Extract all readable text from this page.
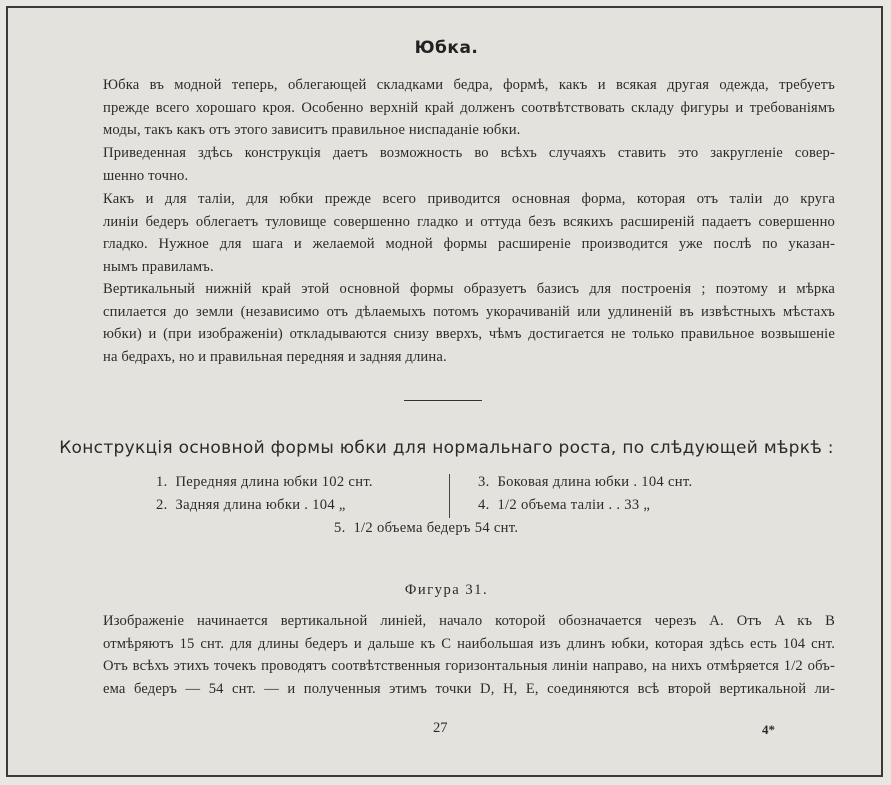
Юбка.
Юбка въ модной теперь, облегающей складками бедра, формѣ, какъ и всякая другая одежда, требуетъ
прежде всего хорошаго кроя. Особенно верхній край долженъ соотвѣтствовать складу фигуры и требованіямъ
моды, такъ какъ отъ этого зависитъ правильное ниспаданіе юбки.
Приведенная здѣсь конструкція даетъ возможность во всѣхъ случаяхъ ставить это закругленіе совер-
шенно точно.
Какъ и для таліи, для юбки прежде всего приводится основная форма, которая отъ таліи до круга
линіи бедеръ облегаетъ туловище совершенно гладко и оттуда безъ всякихъ расширеній падаетъ совершенно
гладко. Нужное для шага и желаемой модной формы расширеніе производится уже послѣ по указан-
нымъ правиламъ.
Вертикальный нижній край этой основной формы образуетъ базисъ для построенія ; поэтому и мѣрка
спилается до земли (независимо отъ дѣлаемыхъ потомъ укорачиваній или удлиненій въ извѣстныхъ мѣстахъ
юбки) и (при изображеніи) откладываются снизу вверхъ, чѣмъ достигается не только правильное возвышеніе
на бедрахъ, но и правильная передняя и задняя длина.
Конструкція основной формы юбки для нормальнаго роста, по слѣдующей мѣркѣ :
1. Передняя длина юбки 102 снт.
2. Задняя длина юбки . 104 „
3. Боковая длина юбки . 104 снт.
4. 1/2 объема таліи . . 33 „
5. 1/2 объема бедеръ 54 снт.
Фигура 31.
Изображеніе начинается вертикальной линіей, начало которой обозначается черезъ A. Отъ A къ B
отмѣряютъ 15 снт. для длины бедеръ и дальше къ C наибольшая изъ длинъ юбки, которая здѣсь есть 104 снт.
Отъ всѣхъ этихъ точекъ проводятъ соотвѣтственныя горизонтальныя линіи направо, на нихъ отмѣряется 1/2 объ-
ема бедеръ — 54 снт. — и полученныя этимъ точки D, H, E, соединяются всѣ второй вертикальной ли-
27	4*
